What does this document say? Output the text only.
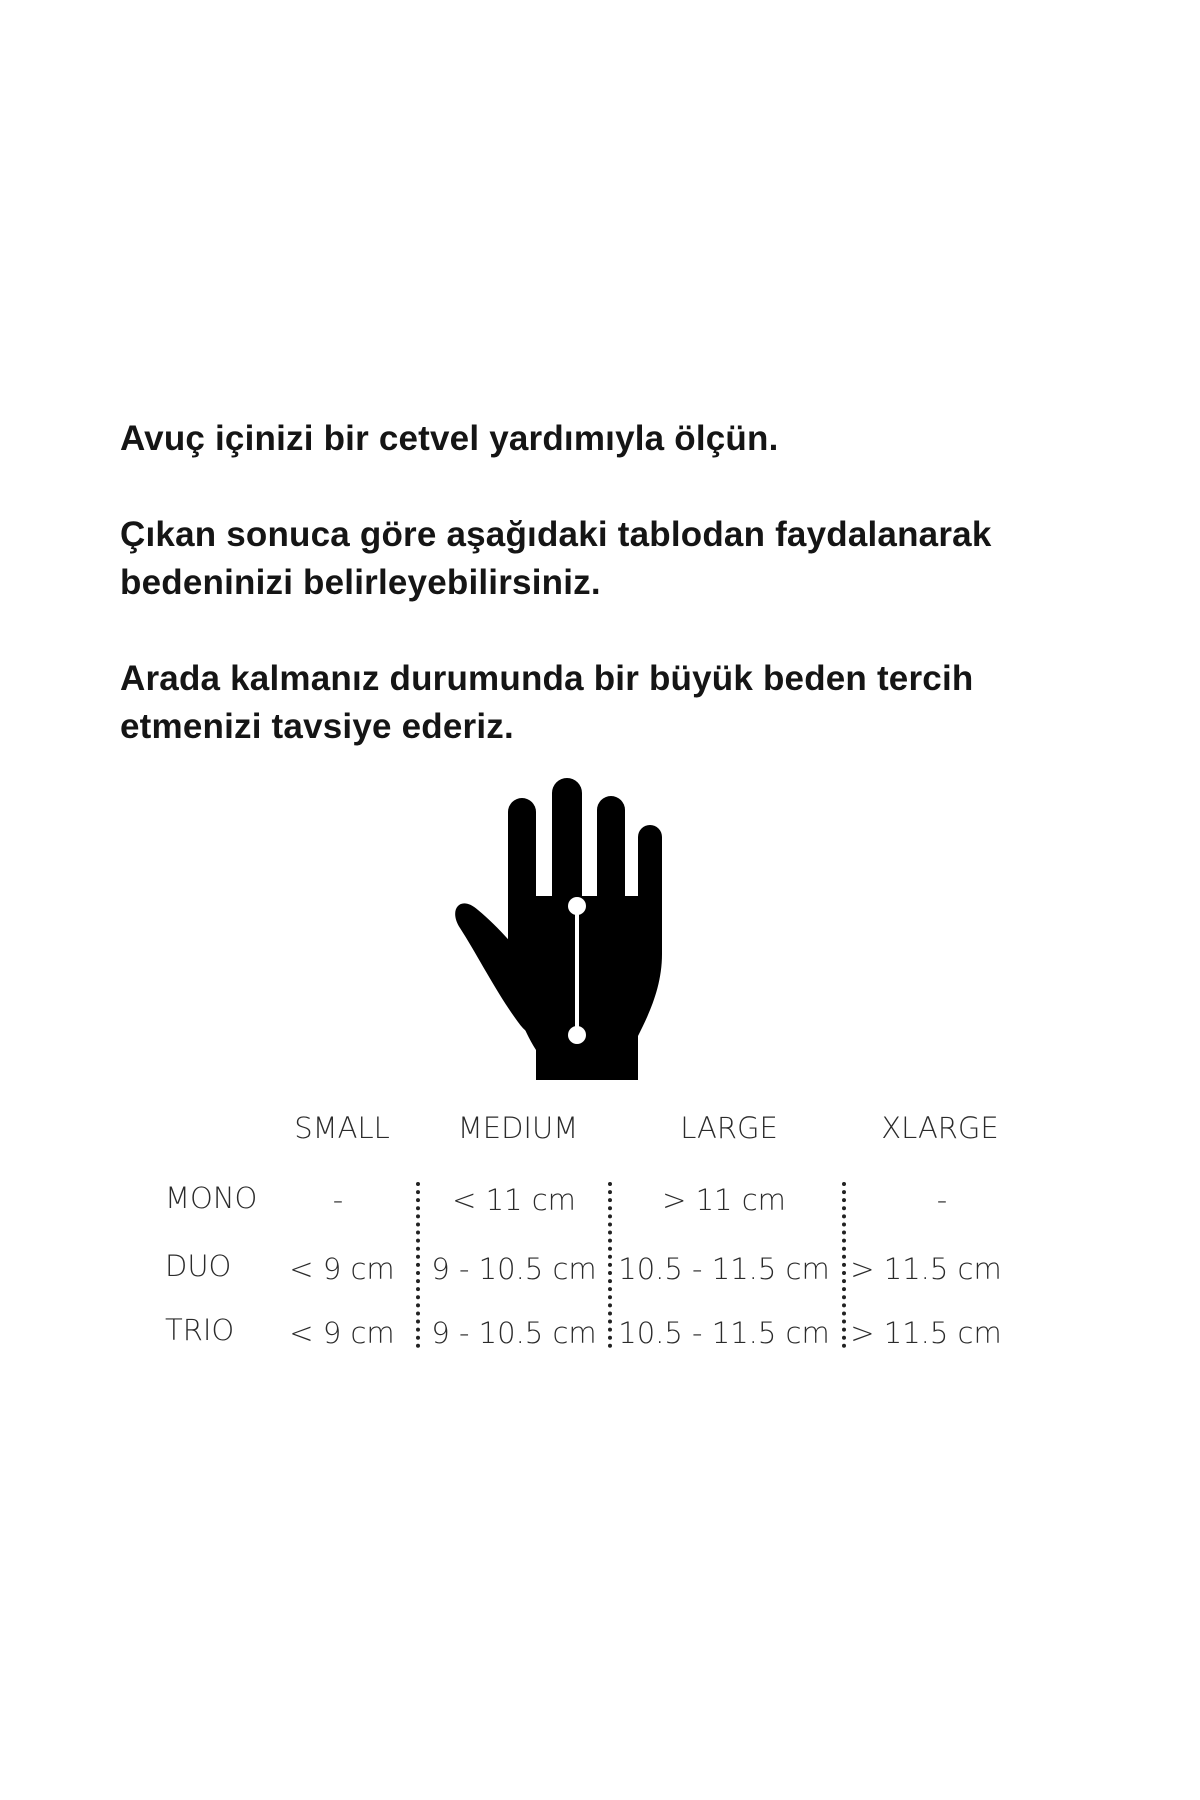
Avuç içinizi bir cetvel yardımıyla ölçün.

Çıkan sonuca göre aşağıdaki tablodan faydalanarak
bedeninizi belirleyebilirsiniz.

Arada kalmanız durumunda bir büyük beden tercih
etmenizi tavsiye ederiz.

SMALL MEDIUM	LARGE	XLARGE
MONO	-	< 11 cm	> 11 cm	-
DUO < 9 cm 9 - 10.5 cm 10.5 - 11.5 cm > 11.5 cm
TRIO < 9 cm 9 - 10.5 cm 10.5 - 11.5 cm > 11.5 cm
